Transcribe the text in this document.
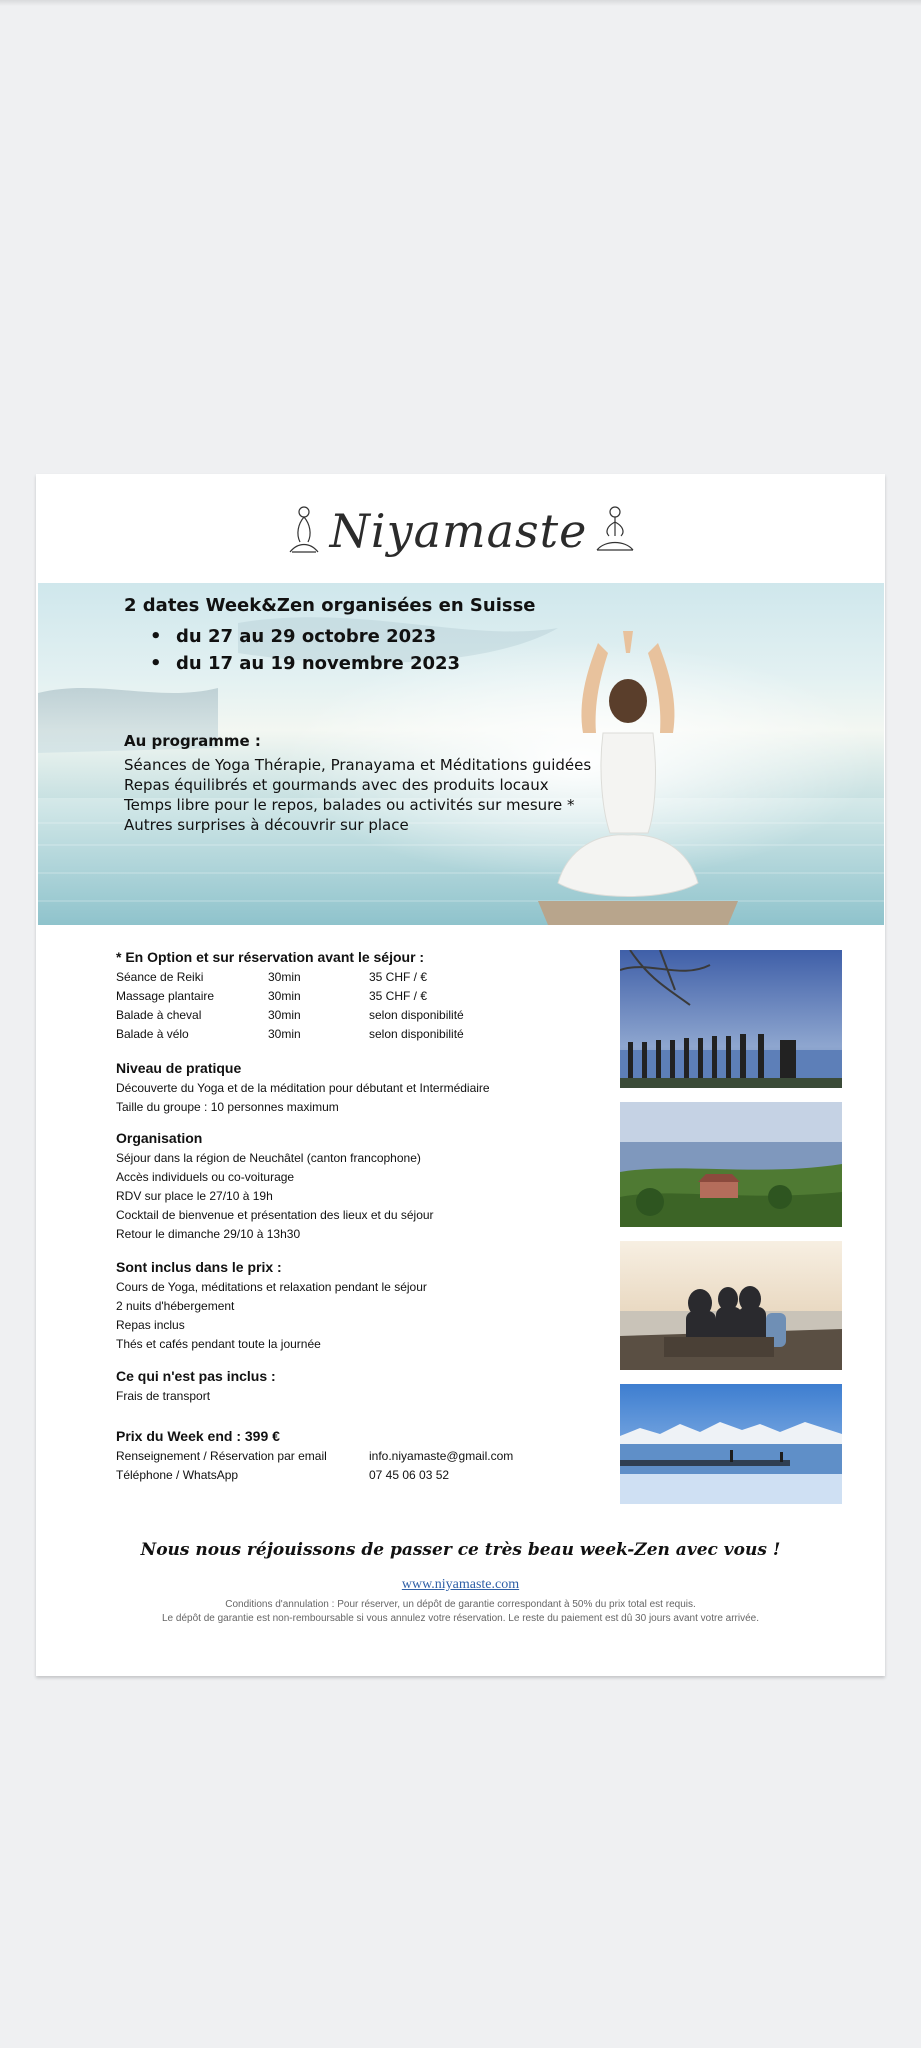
Niyamaste

2 dates Week&Zen organisées en Suisse

• du 27 au 29 octobre 2023
• du 17 au 19 novembre 2023

Au programme :

Séances de Yoga Thérapie, Pranayama et Méditations guidées

Repas équilibrés et gourmands avec des produits locaux

Temps libre pour le repos, balades ou activités sur mesure *

Autres surprises à découvrir sur place

* En Option et sur réservation avant le séjour :

Séance de Reiki	30min	35 CHF / €
Massage plantaire	30min	35 CHF / €
Balade à cheval	30min	selon disponibilité
Balade à vélo	30min	selon disponibilité

Niveau de pratique

Découverte du Yoga et de la méditation pour débutant et Intermédiaire

Taille du groupe : 10 personnes maximum

Organisation

Séjour dans la région de Neuchâtel (canton francophone)

Accès individuels ou co-voiturage

RDV sur place le 27/10 à 19h

Cocktail de bienvenue et présentation des lieux et du séjour

Retour le dimanche 29/10 à 13h30

Sont inclus dans le prix :

Cours de Yoga, méditations et relaxation pendant le séjour

2 nuits d'hébergement

Repas inclus

Thés et cafés pendant toute la journée

Ce qui n'est pas inclus :

Frais de transport

Prix du Week end : 399 €

Renseignement / Réservation par email	info.niyamaste@gmail.com
Téléphone / WhatsApp	07 45 06 03 52

Nous nous réjouissons de passer ce très beau week-Zen avec vous !

www.niyamaste.com

Conditions d'annulation : Pour réserver, un dépôt de garantie correspondant à 50% du prix total est requis.

Le dépôt de garantie est non-remboursable si vous annulez votre réservation. Le reste du paiement est dû 30 jours avant votre arrivée.
